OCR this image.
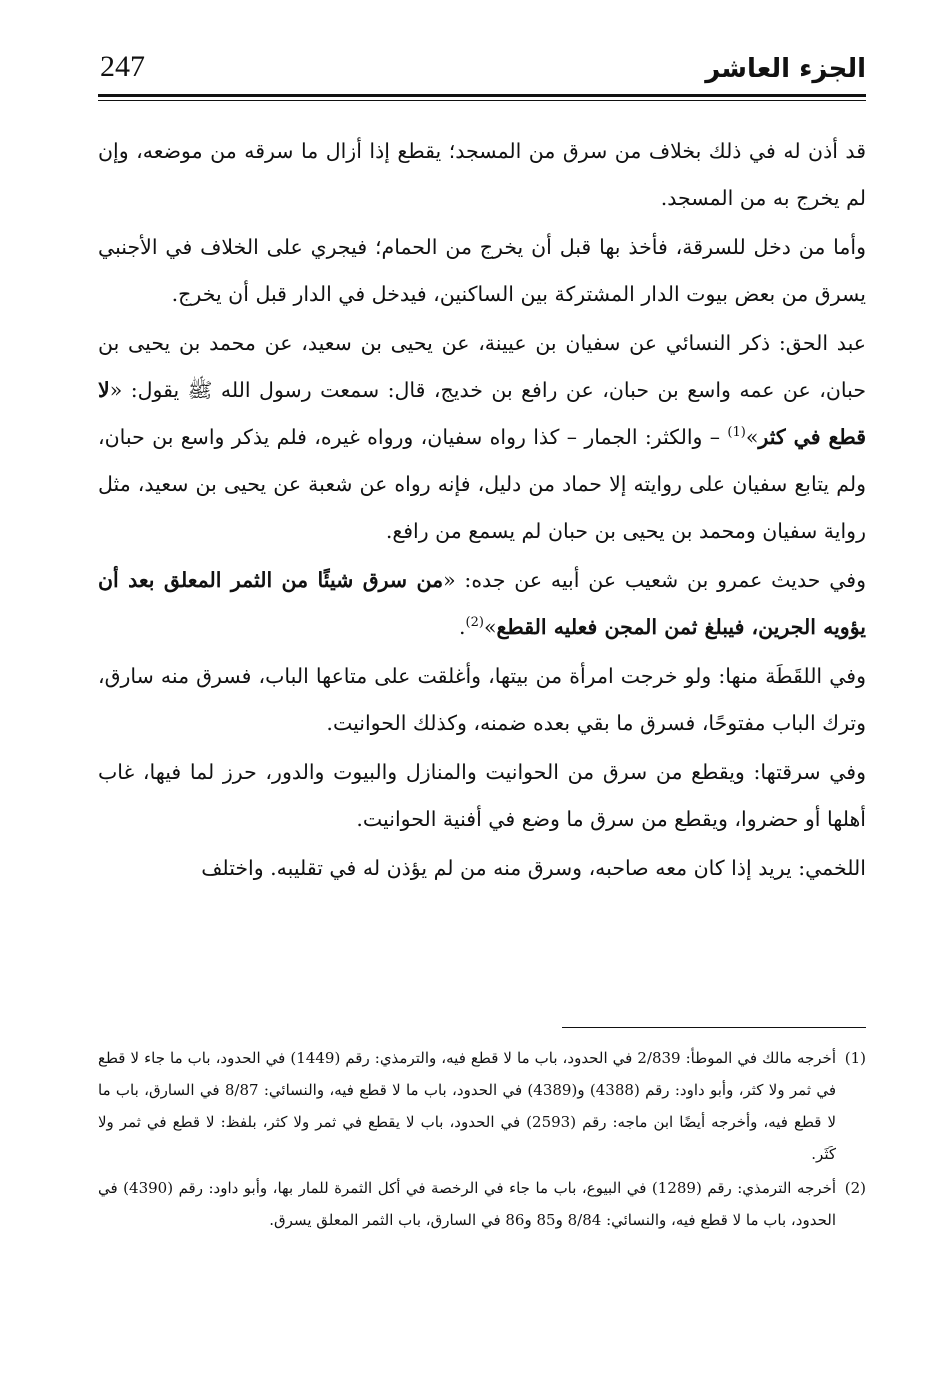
الجزء العاشر
247

قد أذن له في ذلك بخلاف من سرق من المسجد؛ يقطع إذا أزال ما سرقه من موضعه، وإن لم يخرج به من المسجد.

وأما من دخل للسرقة، فأخذ بها قبل أن يخرج من الحمام؛ فيجري على الخلاف في الأجنبي يسرق من بعض بيوت الدار المشتركة بين الساكنين، فيدخل في الدار قبل أن يخرج.

عبد الحق: ذكر النسائي عن سفيان بن عيينة، عن يحيى بن سعيد، عن محمد بن يحيى بن حبان، عن عمه واسع بن حبان، عن رافع بن خديج، قال: سمعت رسول الله ﷺ يقول: «لا قطع في كثر»$^{(1)}$ – والكثر: الجمار – كذا رواه سفيان، ورواه غيره، فلم يذكر واسع بن حبان، ولم يتابع سفيان على روايته إلا حماد من دليل، فإنه رواه عن شعبة عن يحيى بن سعيد، مثل رواية سفيان ومحمد بن يحيى بن حبان لم يسمع من رافع.

وفي حديث عمرو بن شعيب عن أبيه عن جده: «من سرق شيئًا من الثمر المعلق بعد أن يؤويه الجرين، فيبلغ ثمن المجن فعليه القطع»$^{(2)}$.

وفي اللقَطَة منها: ولو خرجت امرأة من بيتها، وأغلقت على متاعها الباب، فسرق منه سارق، وترك الباب مفتوحًا، فسرق ما بقي بعده ضمنه، وكذلك الحوانيت.

وفي سرقتها: ويقطع من سرق من الحوانيت والمنازل والبيوت والدور، حرز لما فيها، غاب أهلها أو حضروا، ويقطع من سرق ما وضع في أفنية الحوانيت.

اللخمي: يريد إذا كان معه صاحبه، وسرق منه من لم يؤذن له في تقليبه. واختلف

(1)
أخرجه مالك في الموطأ: 2/839 في الحدود، باب ما لا قطع فيه، والترمذي: رقم (1449) في الحدود، باب ما جاء لا قطع في ثمر ولا كثر، وأبو داود: رقم (4388) و(4389) في الحدود، باب ما لا قطع فيه، والنسائي: 8/87 في السارق، باب ما لا قطع فيه، وأخرجه أيضًا ابن ماجه: رقم (2593) في الحدود، باب لا يقطع في ثمر ولا كثر، بلفظ: لا قطع في ثمر ولا كَثَر.

(2)
أخرجه الترمذي: رقم (1289) في البيوع، باب ما جاء في الرخصة في أكل الثمرة للمار بها، وأبو داود: رقم (4390) في الحدود، باب ما لا قطع فيه، والنسائي: 8/84 و85 و86 في السارق، باب الثمر المعلق يسرق.
